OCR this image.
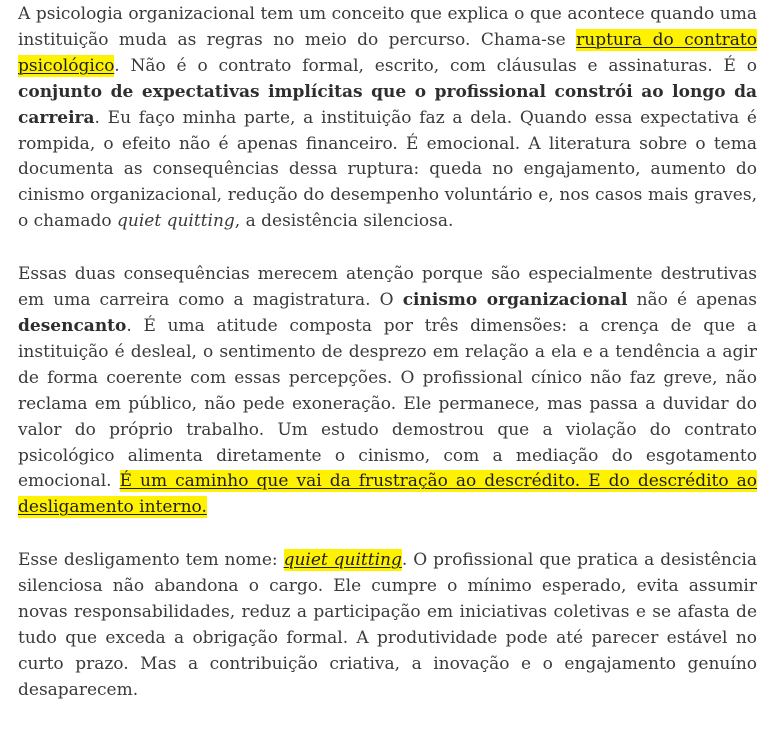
A psicologia organizacional tem um conceito que explica o que acontece quando uma instituição muda as regras no meio do percurso. Chama-se ruptura do contrato psicológico. Não é o contrato formal, escrito, com cláusulas e assinaturas. É o conjunto de expectativas implícitas que o profissional constrói ao longo da carreira. Eu faço minha parte, a instituição faz a dela. Quando essa expectativa é rompida, o efeito não é apenas financeiro. É emocional. A literatura sobre o tema documenta as consequências dessa ruptura: queda no engajamento, aumento do cinismo organizacional, redução do desempenho voluntário e, nos casos mais graves, o chamado quiet quitting, a desistência silenciosa.

Essas duas consequências merecem atenção porque são especialmente destrutivas em uma carreira como a magistratura. O cinismo organizacional não é apenas desencanto. É uma atitude composta por três dimensões: a crença de que a instituição é desleal, o sentimento de desprezo em relação a ela e a tendência a agir de forma coerente com essas percepções. O profissional cínico não faz greve, não reclama em público, não pede exoneração. Ele permanece, mas passa a duvidar do valor do próprio trabalho. Um estudo demostrou que a violação do contrato psicológico alimenta diretamente o cinismo, com a mediação do esgotamento emocional. É um caminho que vai da frustração ao descrédito. E do descrédito ao desligamento interno.

Esse desligamento tem nome: quiet quitting. O profissional que pratica a desistência silenciosa não abandona o cargo. Ele cumpre o mínimo esperado, evita assumir novas responsabilidades, reduz a participação em iniciativas coletivas e se afasta de tudo que exceda a obrigação formal. A produtividade pode até parecer estável no curto prazo. Mas a contribuição criativa, a inovação e o engajamento genuíno desaparecem.
